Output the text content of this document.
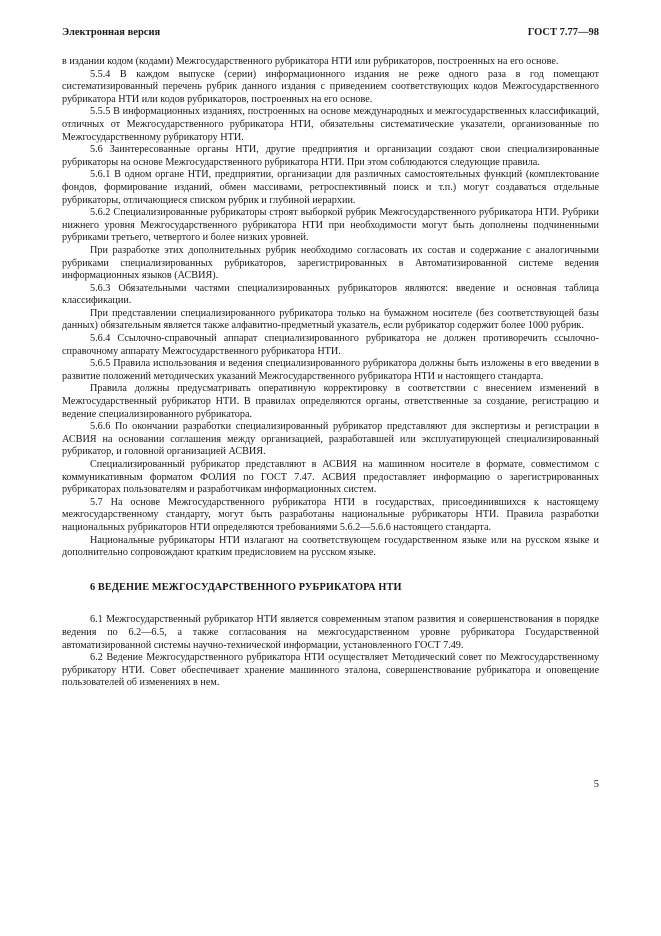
Электронная версия	ГОСТ 7.77—98

в издании кодом (кодами) Межгосударственного рубрикатора НТИ или рубрикаторов, построенных на его основе.

5.5.4 В каждом выпуске (серии) информационного издания не реже одного раза в год помещают систематизированный перечень рубрик данного издания с приведением соответствующих кодов Межгосударственного рубрикатора НТИ или кодов рубрикаторов, построенных на его основе.

5.5.5 В информационных изданиях, построенных на основе международных и межгосударственных классификаций, отличных от Межгосударственного рубрикатора НТИ, обязательны систематические указатели, организованные по Межгосударственному рубрикатору НТИ.

5.6 Заинтересованные органы НТИ, другие предприятия и организации создают свои специализированные рубрикаторы на основе Межгосударственного рубрикатора НТИ. При этом соблюдаются следующие правила.

5.6.1 В одном органе НТИ, предприятии, организации для различных самостоятельных функций (комплектование фондов, формирование изданий, обмен массивами, ретроспективный поиск и т.п.) могут создаваться отдельные рубрикаторы, отличающиеся списком рубрик и глубиной иерархии.

5.6.2 Специализированные рубрикаторы строят выборкой рубрик Межгосударственного рубрикатора НТИ. Рубрики нижнего уровня Межгосударственного рубрикатора НТИ при необходимости могут быть дополнены подчиненными рубриками третьего, четвертого и более низких уровней.

При разработке этих дополнительных рубрик необходимо согласовать их состав и содержание с аналогичными рубриками специализированных рубрикаторов, зарегистрированных в Автоматизированной системе ведения информационных языков (АСВИЯ).

5.6.3 Обязательными частями специализированных рубрикаторов являются: введение и основная таблица классификации.

При представлении специализированного рубрикатора только на бумажном носителе (без соответствующей базы данных) обязательным является также алфавитно-предметный указатель, если рубрикатор содержит более 1000 рубрик.

5.6.4 Ссылочно-справочный аппарат специализированного рубрикатора не должен противоречить ссылочно-справочному аппарату Межгосударственного рубрикатора НТИ.

5.6.5 Правила использования и ведения специализированного рубрикатора должны быть изложены в его введении в развитие положений методических указаний Межгосударственного рубрикатора НТИ и настоящего стандарта.

Правила должны предусматривать оперативную корректировку в соответствии с внесением изменений в Межгосударственный рубрикатор НТИ. В правилах определяются органы, ответственные за создание, регистрацию и ведение специализированного рубрикатора.

5.6.6 По окончании разработки специализированный рубрикатор представляют для экспертизы и регистрации в АСВИЯ на основании соглашения между организацией, разработавшей или эксплуатирующей специализированный рубрикатор, и головной организацией АСВИЯ.

Специализированный рубрикатор представляют в АСВИЯ на машинном носителе в формате, совместимом с коммуникативным форматом ФОЛИЯ по ГОСТ 7.47. АСВИЯ предоставляет информацию о зарегистрированных рубрикаторах пользователям и разработчикам информационных систем.

5.7 На основе Межгосударственного рубрикатора НТИ в государствах, присоединившихся к настоящему межгосударственному стандарту, могут быть разработаны национальные рубрикаторы НТИ. Правила разработки национальных рубрикаторов НТИ определяются требованиями 5.6.2—5.6.6 настоящего стандарта.

Национальные рубрикаторы НТИ излагают на соответствующем государственном языке или на русском языке и дополнительно сопровождают кратким предисловием на русском языке.

6 ВЕДЕНИЕ МЕЖГОСУДАРСТВЕННОГО РУБРИКАТОРА НТИ

6.1 Межгосударственный рубрикатор НТИ является современным этапом развития и совершенствования в порядке ведения по 6.2—6.5, а также согласования на межгосударственном уровне рубрикатора Государственной автоматизированной системы научно-технической информации, установленного ГОСТ 7.49.

6.2 Ведение Межгосударственного рубрикатора НТИ осуществляет Методический совет по Межгосударственному рубрикатору НТИ. Совет обеспечивает хранение машинного эталона, совершенствование рубрикатора и оповещение пользователей об изменениях в нем.

5
